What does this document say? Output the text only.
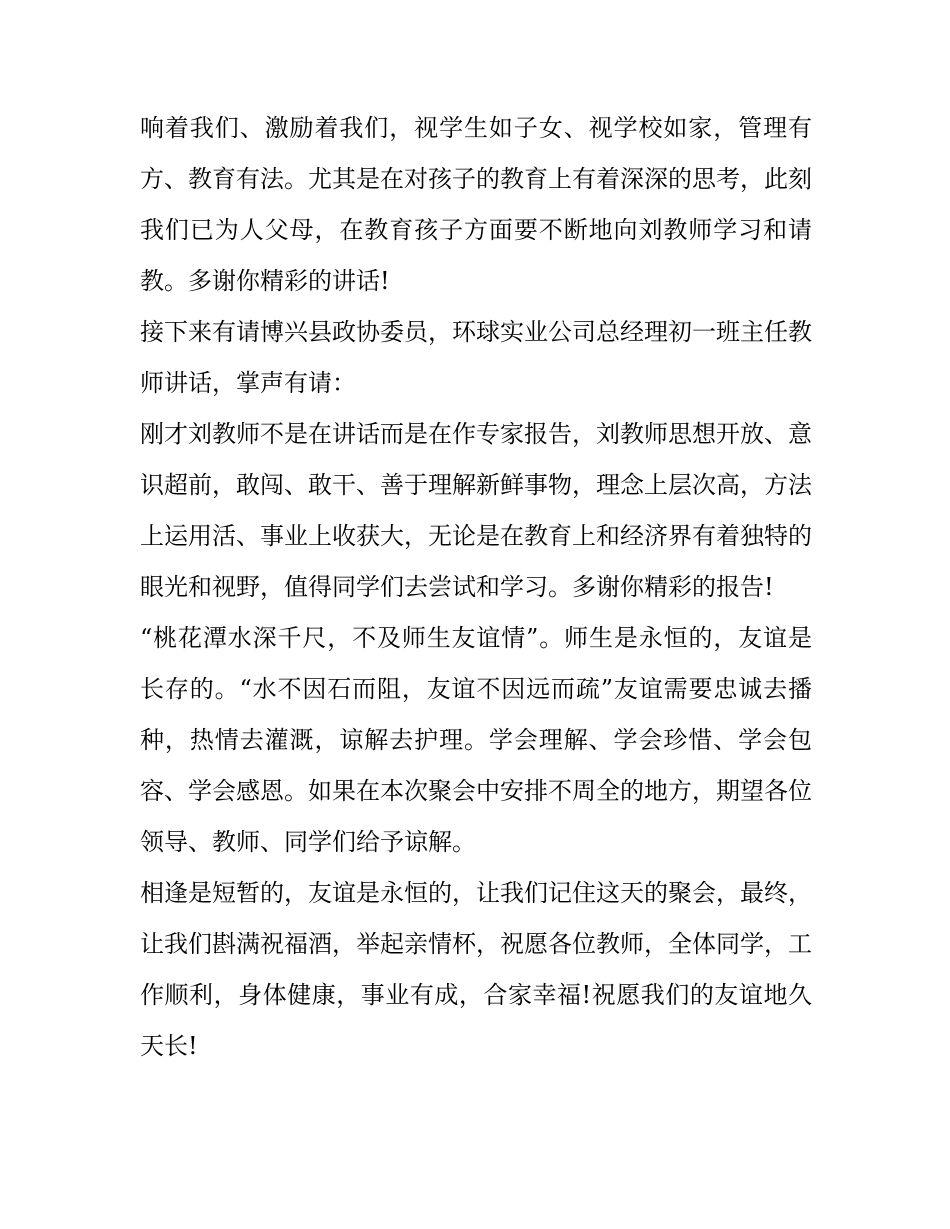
响着我们、激励着我们，视学生如子女、视学校如家，管理有方、教育有法。尤其是在对孩子的教育上有着深深的思考，此刻我们已为人父母，在教育孩子方面要不断地向刘教师学习和请教。多谢你精彩的讲话!

接下来有请博兴县政协委员，环球实业公司总经理初一班主任教师讲话，掌声有请：

刚才刘教师不是在讲话而是在作专家报告，刘教师思想开放、意识超前，敢闯、敢干、善于理解新鲜事物，理念上层次高，方法上运用活、事业上收获大，无论是在教育上和经济界有着独特的眼光和视野，值得同学们去尝试和学习。多谢你精彩的报告!

“桃花潭水深千尺，不及师生友谊情”。师生是永恒的，友谊是长存的。“水不因石而阻，友谊不因远而疏”友谊需要忠诚去播种，热情去灌溉，谅解去护理。学会理解、学会珍惜、学会包容、学会感恩。如果在本次聚会中安排不周全的地方，期望各位领导、教师、同学们给予谅解。

相逢是短暂的，友谊是永恒的，让我们记住这天的聚会，最终，让我们斟满祝福酒，举起亲情杯，祝愿各位教师，全体同学，工作顺利，身体健康，事业有成，合家幸福!祝愿我们的友谊地久天长!
